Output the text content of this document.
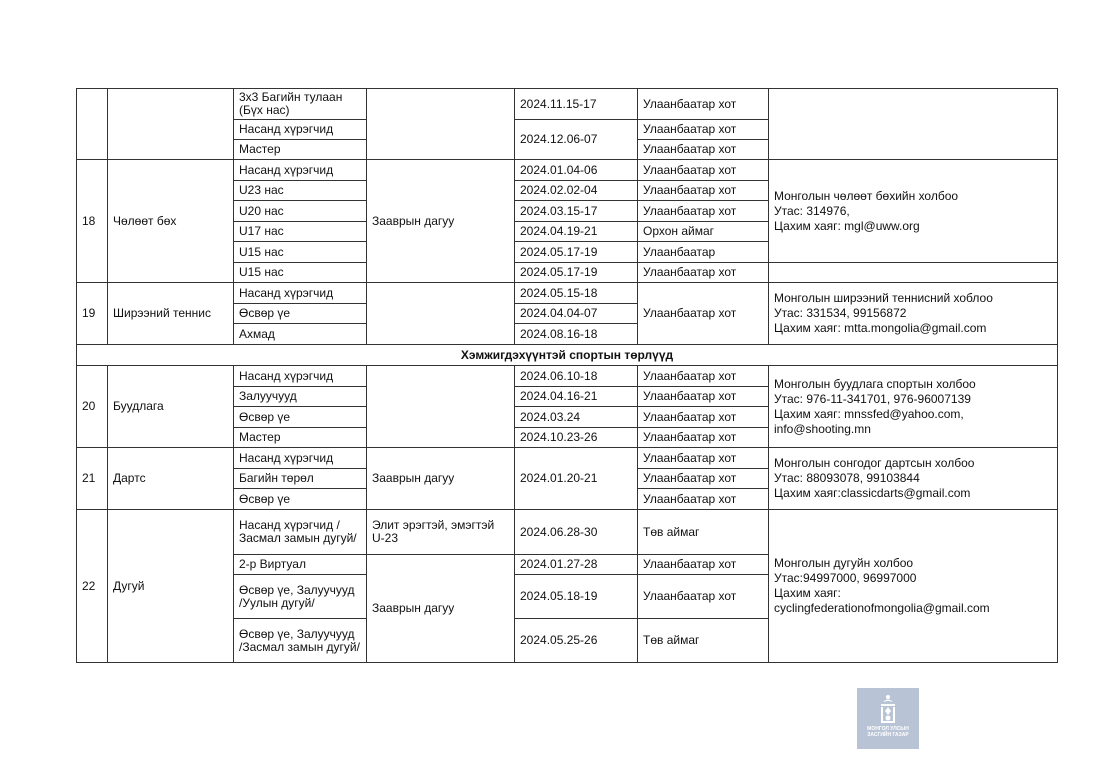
		3x3 Багийн тулаан (Бүх нас)		2024.11.15-17	Улаанбаатар хот	
		Насанд хүрэгчид		2024.12.06-07	Улаанбаатар хот	
		Мастер			Улаанбаатар хот	
18	Чөлөөт бөх	Насанд хүрэгчид	Зааврын дагуу	2024.01.04-06	Улаанбаатар хот	Монголын чөлөөт бөхийн холбоо
Утас: 314976,
Цахим хаяг: mgl@uww.org

		U23 нас		2024.02.02-04	Улаанбаатар хот	
		U20 нас		2024.03.15-17	Улаанбаатар хот	
		U17 нас		2024.04.19-21	Орхон аймаг	
		U15 нас		2024.05.17-19	Улаанбаатар	
		U15 нас		2024.05.17-19	Улаанбаатар хот	
19	Ширээний теннис	Насанд хүрэгчид		2024.05.15-18	Улаанбаатар хот	Монголын ширээний теннисний хоблоо
Утас: 331534, 99156872
Цахим хаяг: mtta.mongolia@gmail.com

		Өсвөр үе		2024.04.04-07		
		Ахмад		2024.08.16-18		
Хэмжигдэхүүнтэй спортын төрлүүд						
20	Буудлага	Насанд хүрэгчид		2024.06.10-18	Улаанбаатар хот	Монголын буудлага спортын холбоо
Утас: 976-11-341701, 976-96007139
Цахим хаяг: mnssfed@yahoo.com,
info@shooting.mn

		Залуучууд		2024.04.16-21	Улаанбаатар хот	
		Өсвөр үе		2024.03.24	Улаанбаатар хот	
		Мастер		2024.10.23-26	Улаанбаатар хот	
21	Дартс	Насанд хүрэгчид	Зааврын дагуу	2024.01.20-21	Улаанбаатар хот	Монголын сонгодог дартсын холбоо
Утас: 88093078, 99103844
Цахим хаяг:classicdarts@gmail.com

		Багийн төрөл			Улаанбаатар хот	
		Өсвөр үе			Улаанбаатар хот	
22	Дугуй	Насанд хүрэгчид /Засмал замын дугуй/	Элит эрэгтэй, эмэгтэй U-23	2024.06.28-30	Төв аймаг	Монголын дугуйн холбоо
Утас:94997000, 96997000
Цахим хаяг:
cyclingfederationofmongolia@gmail.com

		2-р Виртуал	Зааврын дагуу	2024.01.27-28	Улаанбаатар хот	
		Өсвөр үе, Залуучууд /Уулын дугуй/		2024.05.18-19	Улаанбаатар хот	
		Өсвөр үе, Залуучууд /Засмал замын дугуй/		2024.05.25-26	Төв аймаг	
МОНГОЛ УЛСЫН
ЗАСГИЙН ГАЗАР
